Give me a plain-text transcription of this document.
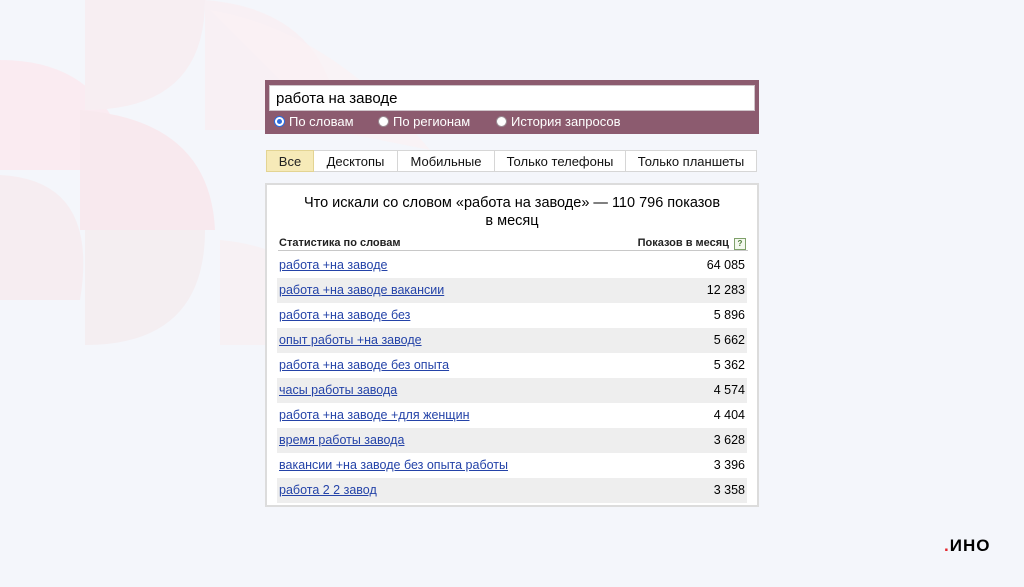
работа на заводе
По словам	По регионам	История запросов
Все	Десктопы	Мобильные	Только телефоны	Только планшеты
Что искали со словом «работа на заводе» — 110 796 показов
в месяц
Статистика по словам	Показов в месяц ?
работа +на заводе	64 085
работа +на заводе вакансии	12 283
работа +на заводе без	5 896
опыт работы +на заводе	5 662
работа +на заводе без опыта	5 362
часы работы завода	4 574
работа +на заводе +для женщин	4 404
время работы завода	3 628
вакансии +на заводе без опыта работы	3 396
работа 2 2 завод	3 358
.ИНО
